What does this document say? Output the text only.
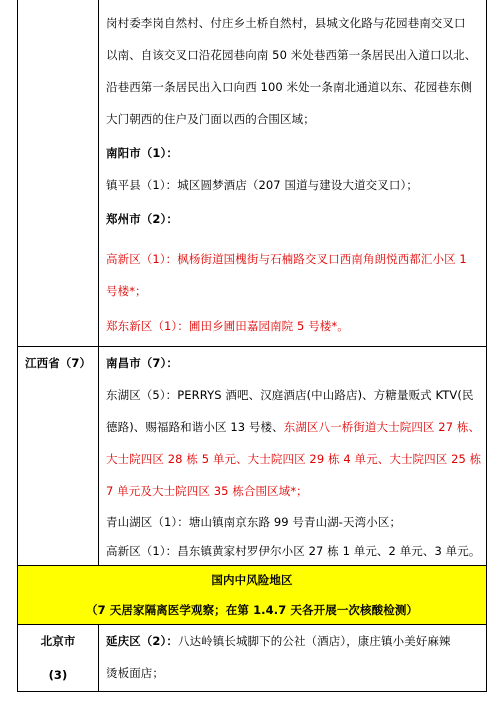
岗村委李岗自然村、付庄乡土桥自然村，县城文化路与花园巷南交叉口
以南、自该交叉口沿花园巷向南 50 米处巷西第一条居民出入道口以北、
沿巷西第一条居民出入口向西 100 米处一条南北通道以东、花园巷东侧
大门朝西的住户及门面以西的合围区域；
南阳市（1）：
镇平县（1）：城区圆梦酒店（207 国道与建设大道交叉口）；
郑州市（2）：
高新区（1）：枫杨街道国槐街与石楠路交叉口西南角朗悦西都汇小区 1
号楼*；
郑东新区（1）：圃田乡圃田嘉园南院 5 号楼*。
江西省（7） 南昌市（7）：
东湖区（5）：PERRYS 酒吧、汉庭酒店(中山路店)、方糖量贩式 KTV(民
德路)、赐福路和谐小区 13 号楼、东湖区八一桥街道大士院四区 27 栋、
大士院四区 28 栋 5 单元、大士院四区 29 栋 4 单元、大士院四区 25 栋
7 单元及大士院四区 35 栋合围区域*；
青山湖区（1）：塘山镇南京东路 99 号青山湖-天湾小区；
高新区（1）：昌东镇黄家村罗伊尔小区 27 栋 1 单元、2 单元、3 单元。
国内中风险地区
（7 天居家隔离医学观察；在第 1.4.7 天各开展一次核酸检测）
北京市
(3)
延庆区（2）：八达岭镇长城脚下的公社（酒店），康庄镇小美好麻辣
烫板面店；
